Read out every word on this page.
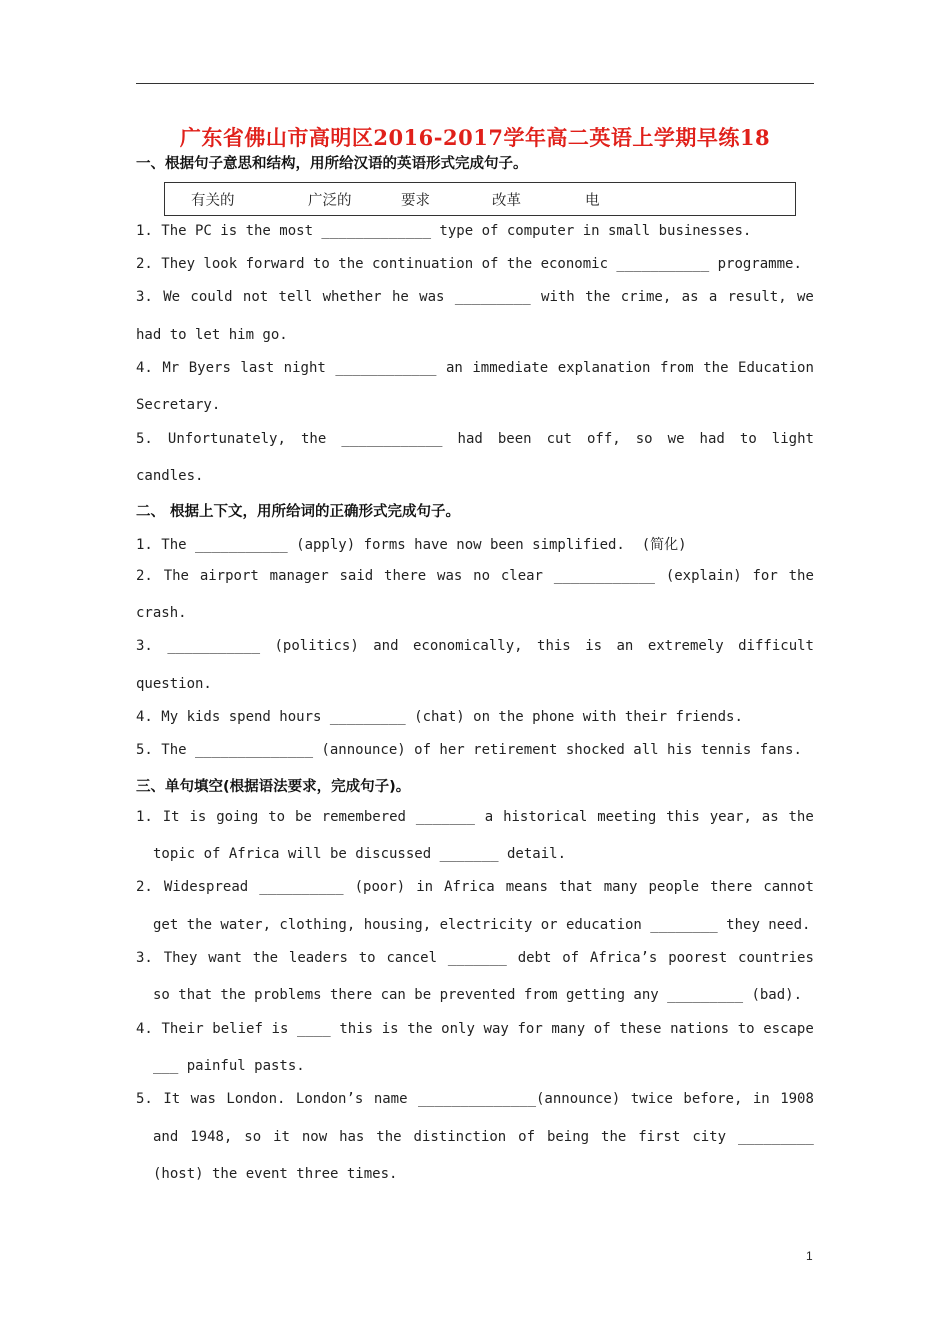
广东省佛山市高明区2016-2017学年高二英语上学期早练18
一、根据句子意思和结构，用所给汉语的英语形式完成句子。
有关的	广泛的	要求	改革	电
1. The PC is the most _____________ type of computer in small businesses.
2. They look forward to the continuation of the economic ___________ programme.
3. We could not tell whether he was _________ with the crime, as a result, we
had to let him go.
4. Mr Byers last night ____________ an immediate explanation from the Education
Secretary.
5. Unfortunately, the ____________ had been cut off, so we had to light
candles.
二、 根据上下文，用所给词的正确形式完成句子。
1. The ___________ (apply) forms have now been simplified.  (简化)
2. The airport manager said there was no clear ____________ (explain) for the
crash.
3. ___________ (politics) and economically, this is an extremely difficult
question.
4. My kids spend hours _________ (chat) on the phone with their friends.
5. The ______________ (announce) of her retirement shocked all his tennis fans.
三、单句填空(根据语法要求，完成句子)。
1. It is going to be remembered _______ a historical meeting this year, as the
topic of Africa will be discussed _______ detail.
2. Widespread __________ (poor) in Africa means that many people there cannot
get the water, clothing, housing, electricity or education ________ they need.
3. They want the leaders to cancel _______ debt of Africa’s poorest countries
so that the problems there can be prevented from getting any _________ (bad).
4. Their belief is ____ this is the only way for many of these nations to escape
___ painful pasts.
5. It was London. London’s name ______________(announce) twice before, in 1908
and 1948, so it now has the distinction of being the first city _________
(host) the event three times.
1
